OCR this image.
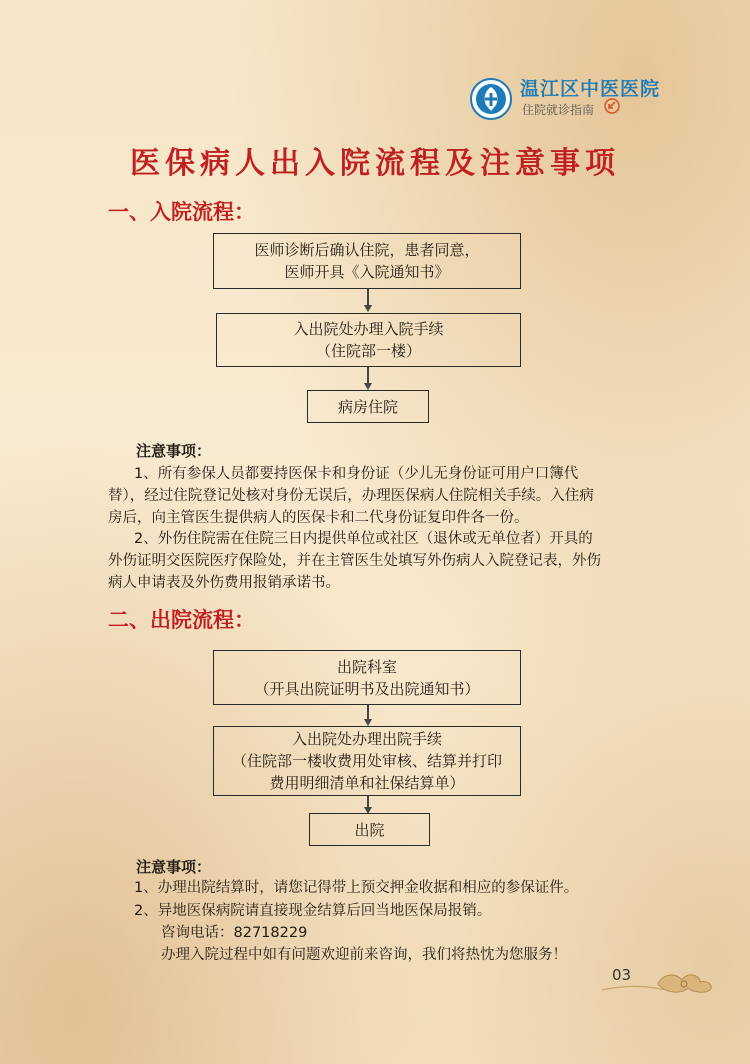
温江区中医医院
住院就诊指南
医保病人出入院流程及注意事项
一、入院流程：
医师诊断后确认住院，患者同意，
医师开具《入院通知书》
入出院处办理入院手续
（住院部一楼）
病房住院
注意事项：
1、所有参保人员都要持医保卡和身份证（少儿无身份证可用户口簿代
替），经过住院登记处核对身份无误后，办理医保病人住院相关手续。入住病
房后，向主管医生提供病人的医保卡和二代身份证复印件各一份。
2、外伤住院需在住院三日内提供单位或社区（退休或无单位者）开具的
外伤证明交医院医疗保险处，并在主管医生处填写外伤病人入院登记表，外伤
病人申请表及外伤费用报销承诺书。
二、出院流程：
出院科室
（开具出院证明书及出院通知书）
入出院处办理出院手续
（住院部一楼收费用处审核、结算并打印
费用明细清单和社保结算单）
出院
注意事项：
1、办理出院结算时，请您记得带上预交押金收据和相应的参保证件。
2、异地医保病院请直接现金结算后回当地医保局报销。
咨询电话：82718229
办理入院过程中如有问题欢迎前来咨询，我们将热忱为您服务！
03
